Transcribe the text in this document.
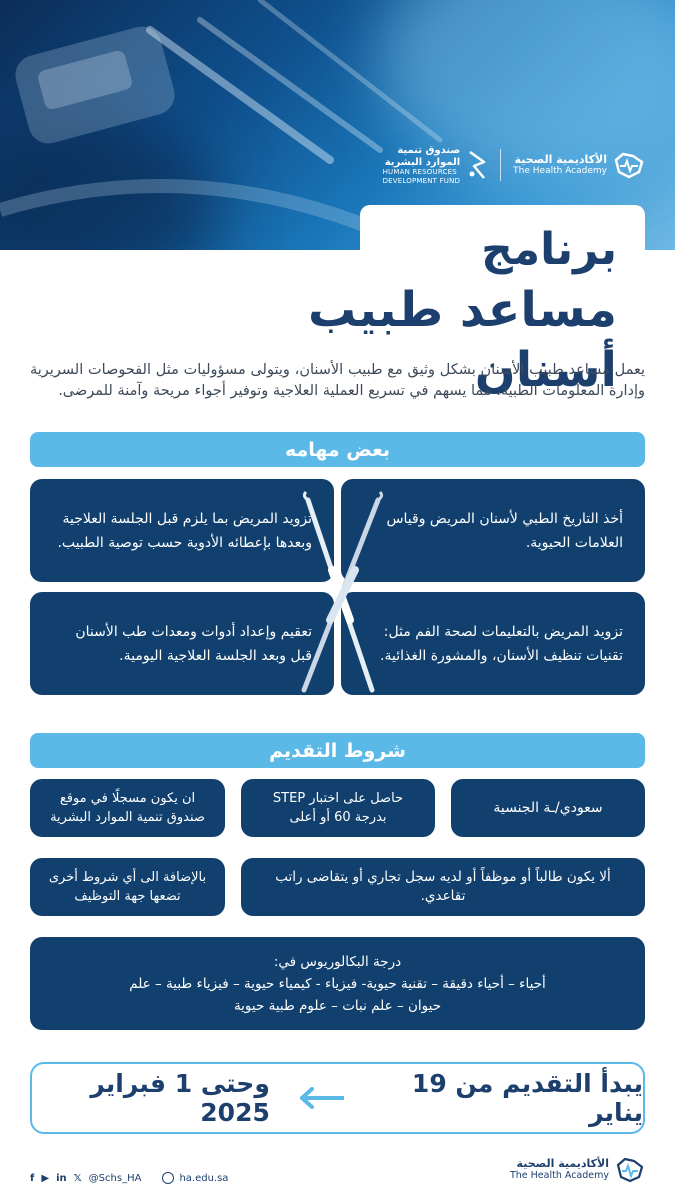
صندوق تنمية
الموارد البشرية
HUMAN RESOURCES
DEVELOPMENT FUND
الأكاديمية الصحية
The Health Academy
برنامج
مساعد طبيب أسنان
يعمل مساعد طبيب الأسنان بشكل وثيق مع طبيب الأسنان، ويتولى مسؤوليات مثل الفحوصات السريرية وإدارة المعلومات الطبية، مما يسهم في تسريع العملية العلاجية وتوفير أجواء مريحة وآمنة للمرضى.
بعض مهامه
أخذ التاريخ الطبي لأسنان المريض وقياس العلامات الحيوية.
تزويد المريض بما يلزم قبل الجلسة العلاجية وبعدها بإعطائه الأدوية حسب توصية الطبيب.
تزويد المريض بالتعليمات لصحة الفم مثل: تقنيات تنظيف الأسنان، والمشورة الغذائية.
تعقيم وإعداد أدوات ومعدات طب الأسنان قبل وبعد الجلسة العلاجية اليومية.
شروط التقديم
سعودي/ـة الجنسية
حاصل على اختبار STEP بدرجة 60 أو أعلى
ان يكون مسجلًا في موقع صندوق تنمية الموارد البشرية
ألا يكون طالباً أو موظفاً أو لديه سجل تجاري أو يتقاضى راتب تقاعدي.
بالإضافة الى أي شروط أخرى تضعها جهة التوظيف
درجة البكالوريوس في:
أحياء – أحياء دقيقة – تقنية حيوية- فيزياء - كيمياء حيوية – فيزياء طبية – علم
حيوان – علم نبات – علوم طبية حيوية
يبدأ التقديم من 19 يناير
وحتى 1 فبراير 2025
f ▶ in 𝕏 @Schs_HA	ha.edu.sa
الأكاديمية الصحية
The Health Academy
